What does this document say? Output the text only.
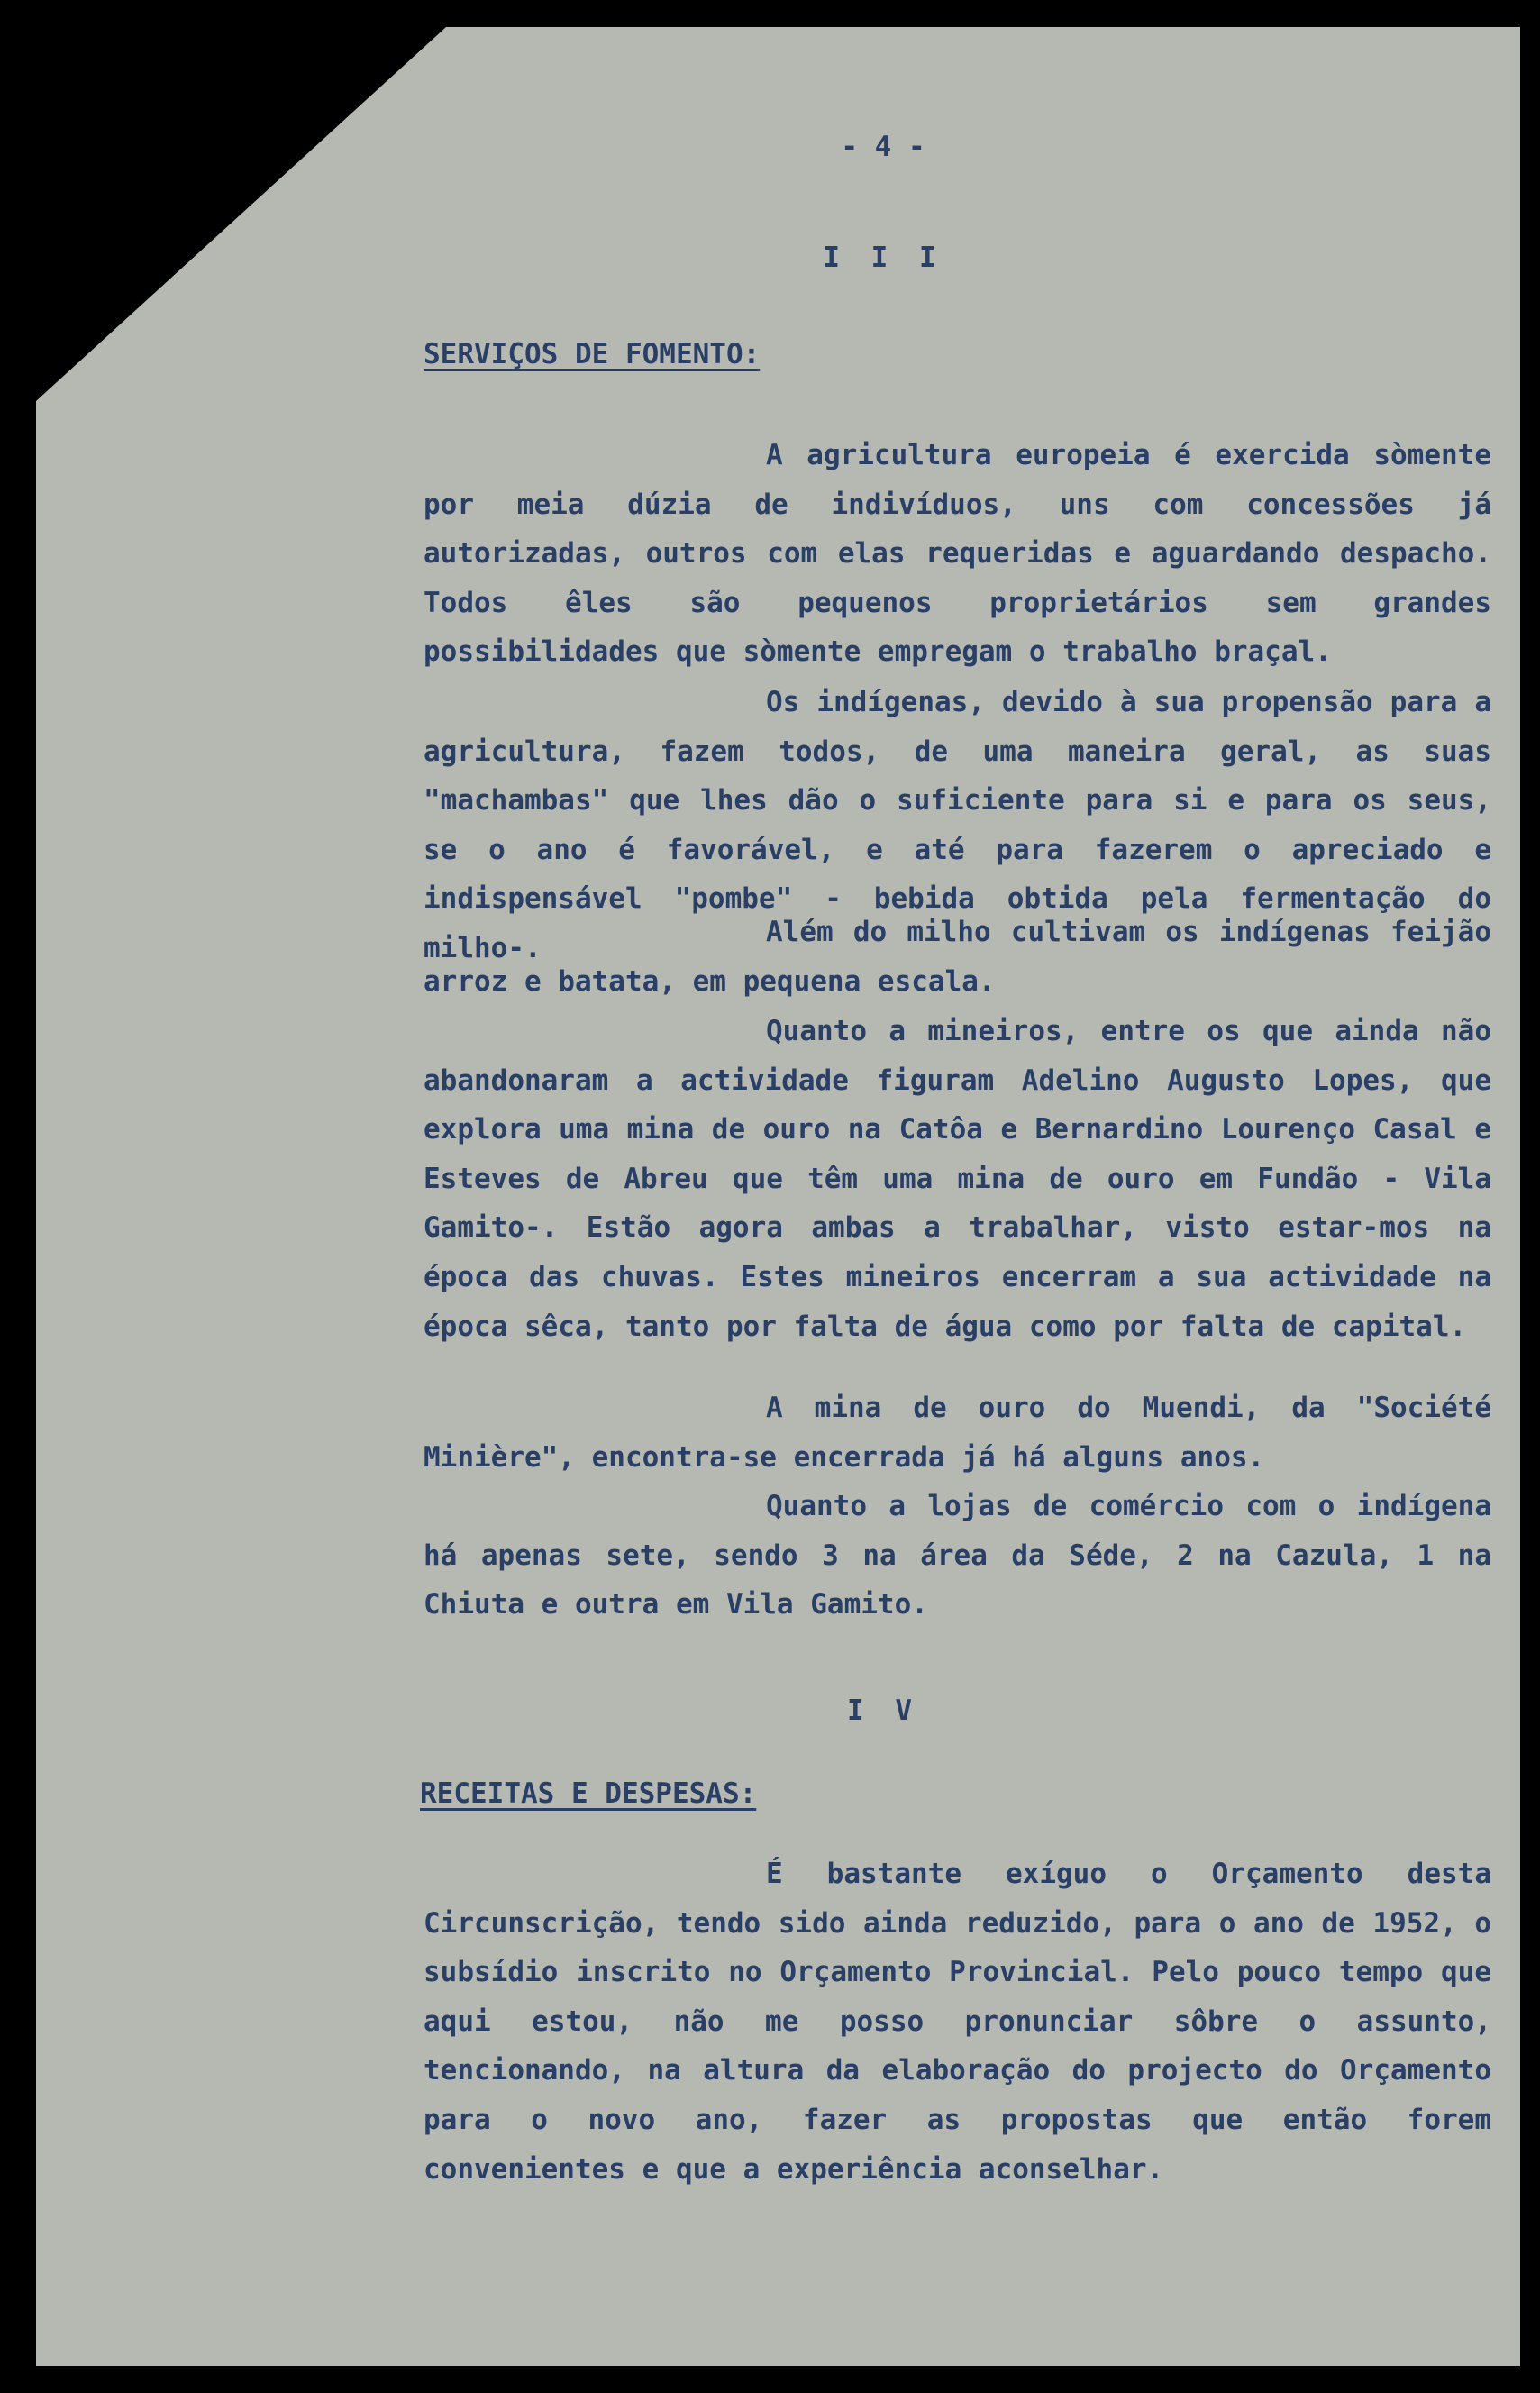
- 4 -
I I I
SERVIÇOS DE FOMENTO:

A agricultura europeia é exercida sòmente por meia dúzia de indivíduos, uns com concessões já autorizadas, outros com elas requeridas e aguardando despacho. Todos êles são pequenos proprietários sem grandes possibilidades que sòmente empregam o trabalho braçal.

Os indígenas, devido à sua propensão para a agricultura, fazem todos, de uma maneira geral, as suas "machambas" que lhes dão o suficiente para si e para os seus, se o ano é favorável, e até para fazerem o apreciado e indispensável "pombe" - bebida obtida pela fermentação do milho-.	Além do milho cultivam os indígenas feijão arroz e batata, em pequena escala.

Quanto a mineiros, entre os que ainda não abandonaram a actividade figuram Adelino Augusto Lopes, que explora uma mina de ouro na Catôa e Bernardino Lourenço Casal e Esteves de Abreu que têm uma mina de ouro em Fundão - Vila Gamito-. Estão agora ambas a trabalhar, visto estar-mos na época das chuvas. Estes mineiros encerram a sua actividade na época sêca, tanto por falta de água como por falta de capital.

A mina de ouro do Muendi, da "Société Minière", encontra-se encerrada já há alguns anos.

Quanto a lojas de comércio com o indígena há apenas sete, sendo 3 na área da Séde, 2 na Cazula, 1 na Chiuta e outra em Vila Gamito.

I V
RECEITAS E DESPESAS:

É bastante exíguo o Orçamento desta Circunscrição, tendo sido ainda reduzido, para o ano de 1952, o subsídio inscrito no Orçamento Provincial. Pelo pouco tempo que aqui estou, não me posso pronunciar sôbre o assunto, tencionando, na altura da elaboração do projecto do Orçamento para o novo ano, fazer as propostas que então forem convenientes e que a experiência aconselhar.
